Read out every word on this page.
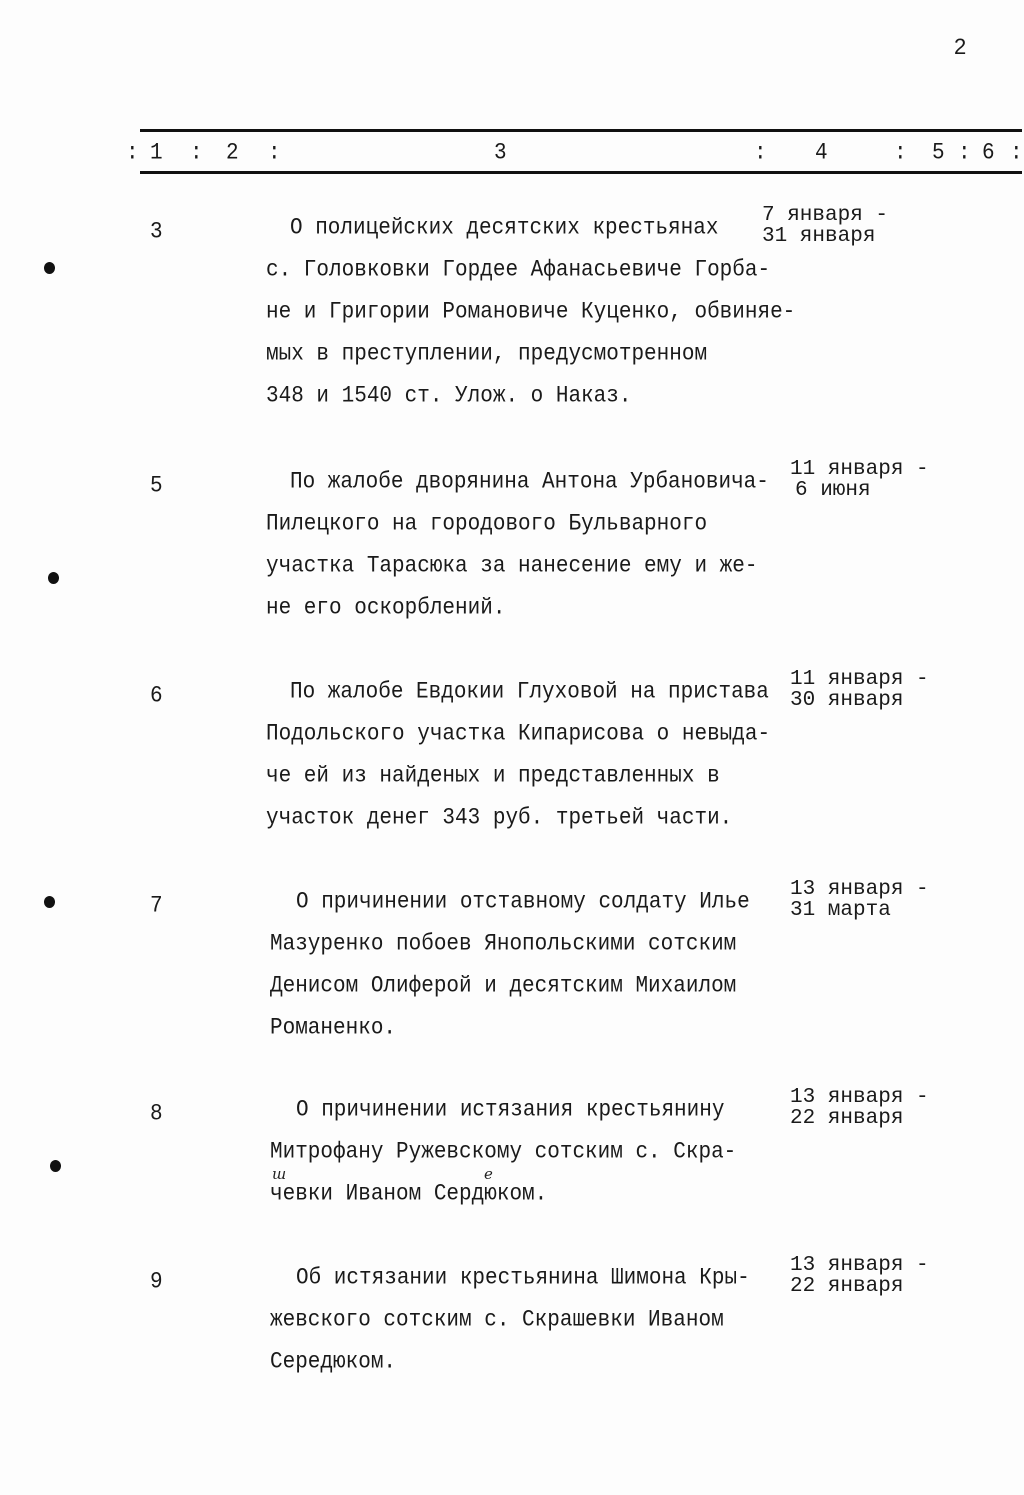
2
: :	:	:	: : :
1	2	3	4	5 6
3	О полицейских десятских крестьянах
с. Головковки Гордее Афанасьевиче Горба-
не и Григории Романовиче Куценко, обвиняе-
мых в преступлении, предусмотренном
348 и 1540 ст. Улож. о Наказ.
7 января -
31 января
5	По жалобе дворянина Антона Урбановича-
Пилецкого на городового Бульварного
участка Тарасюка за нанесение ему и же-
не его оскорблений.
11 января -
6 июня
6	По жалобе Евдокии Глуховой на пристава
Подольского участка Кипарисова о невыда-
че ей из найденых и представленных в
участок денег 343 руб. третьей части.
11 января -
30 января
7	О причинении отставному солдату Илье
Мазуренко побоев Янопольскими сотским
Денисом Олиферой и десятским Михаилом
Романенко.
13 января -
31 марта
8	О причинении истязания крестьянину
Митрофану Ружевскому сотским с. Скра-
чевки Иваном Сердюком.
13 января -
22 января
ш	е
9	Об истязании крестьянина Шимона Кры-
жевского сотским с. Скрашевки Иваном
Середюком.
13 января -
22 января
